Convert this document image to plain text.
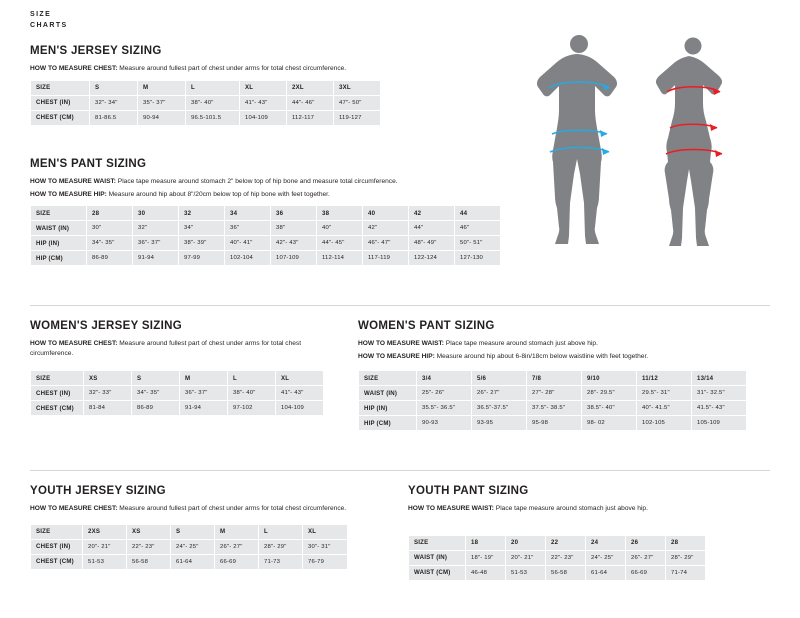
SIZE
CHARTS
MEN'S JERSEY SIZING
HOW TO MEASURE CHEST: Measure around fullest part of chest under arms for total chest circumference.
SIZE	S	M	L	XL	2XL	3XL
CHEST (IN)	32"- 34"	35"- 37"	38"- 40"	41"- 43"	44"- 46"	47"- 50"
CHEST (CM)	81-86.5	90-94	96.5-101.5	104-109	112-117	119-127
MEN'S PANT SIZING
HOW TO MEASURE WAIST: Place tape measure around stomach 2" below top of hip bone and measure total circumference.
HOW TO MEASURE HIP: Measure around hip about 8"/20cm below top of hip bone with feet together.
SIZE	28	30	32	34	36	38	40	42	44
WAIST (IN)	30"	32"	34"	36"	38"	40"	42"	44"	46"
HIP (IN)	34"- 35"	36"- 37"	38"- 39"	40"- 41"	42"- 43"	44"- 45"	46"- 47"	48"- 49"	50"- 51"
HIP (CM)	86-89	91-94	97-99	102-104	107-109	112-114	117-119	122-124	127-130
WOMEN'S JERSEY SIZING
HOW TO MEASURE CHEST: Measure around fullest part of chest under arms for total chest circumference.
SIZE	XS	S	M	L	XL
CHEST (IN)	32"- 33"	34"- 35"	36"- 37"	38"- 40"	41"- 43"
CHEST (CM)	81-84	86-89	91-94	97-102	104-109
WOMEN'S PANT SIZING
HOW TO MEASURE WAIST: Place tape measure around stomach just above hip.
HOW TO MEASURE HIP: Measure around hip about 6-8in/18cm below waistline with feet together.
SIZE	3/4	5/6	7/8	9/10	11/12	13/14
WAIST (IN)	25"- 26"	26"- 27"	27"- 28"	28"- 29.5"	29.5"- 31"	31"- 32.5"
HIP (IN)	35.5"- 36.5"	36.5"-37.5"	37.5"- 38.5"	38.5"- 40"	40"- 41.5"	41.5"- 43"
HIP (CM)	90-93	93-95	95-98	98- 02	102-105	105-109
YOUTH JERSEY SIZING
HOW TO MEASURE CHEST: Measure around fullest part of chest under arms for total chest circumference.
SIZE	2XS	XS	S	M	L	XL
CHEST (IN)	20"- 21"	22"- 23"	24"- 25"	26"- 27"	28"- 29"	30"- 31"
CHEST (CM)	51-53	56-58	61-64	66-69	71-73	76-79
YOUTH PANT SIZING
HOW TO MEASURE WAIST: Place tape measure around stomach just above hip.
SIZE	18	20	22	24	26	28
WAIST (IN)	18"- 19"	20"- 21"	22"- 23"	24"- 25"	26"- 27"	28"- 29"
WAIST (CM)	46-48	51-53	56-58	61-64	66-69	71-74
